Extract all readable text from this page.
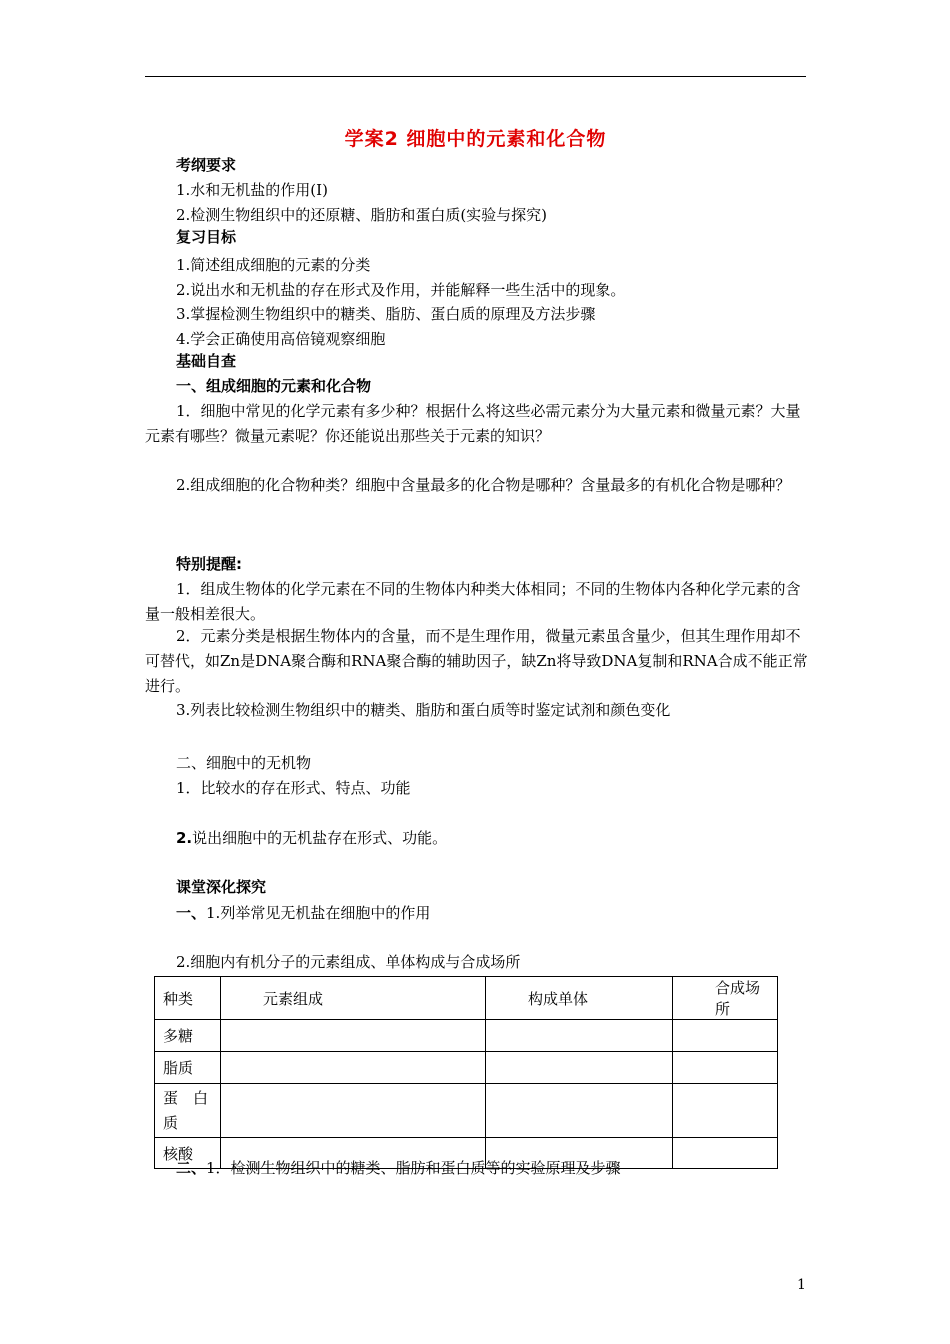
学案2 细胞中的元素和化合物
考纲要求
1.水和无机盐的作用(Ⅰ)
2.检测生物组织中的还原糖、脂肪和蛋白质(实验与探究)
复习目标
1.简述组成细胞的元素的分类
2.说出水和无机盐的存在形式及作用，并能解释一些生活中的现象。
3.掌握检测生物组织中的糖类、脂肪、蛋白质的原理及方法步骤
4.学会正确使用高倍镜观察细胞
基础自查
一、组成细胞的元素和化合物
1．细胞中常见的化学元素有多少种？根据什么将这些必需元素分为大量元素和微量元素？大量元素有哪些？微量元素呢？你还能说出那些关于元素的知识？
2.组成细胞的化合物种类？细胞中含量最多的化合物是哪种？含量最多的有机化合物是哪种？
特别提醒:
1．组成生物体的化学元素在不同的生物体内种类大体相同；不同的生物体内各种化学元素的含量一般相差很大。
2．元素分类是根据生物体内的含量，而不是生理作用，微量元素虽含量少，但其生理作用却不可替代，如Zn是DNA聚合酶和RNA聚合酶的辅助因子，缺Zn将导致DNA复制和RNA合成不能正常进行。
3.列表比较检测生物组织中的糖类、脂肪和蛋白质等时鉴定试剂和颜色变化
二、细胞中的无机物
1．比较水的存在形式、特点、功能
2.说出细胞中的无机盐存在形式、功能。
课堂深化探究
一、1.列举常见无机盐在细胞中的作用
2.细胞内有机分子的元素组成、单体构成与合成场所
种类	元素组成	构成单体	合成场所
多糖			
脂质			
蛋　白质			
核酸			
二、1．检测生物组织中的糖类、脂肪和蛋白质等的实验原理及步骤
1
